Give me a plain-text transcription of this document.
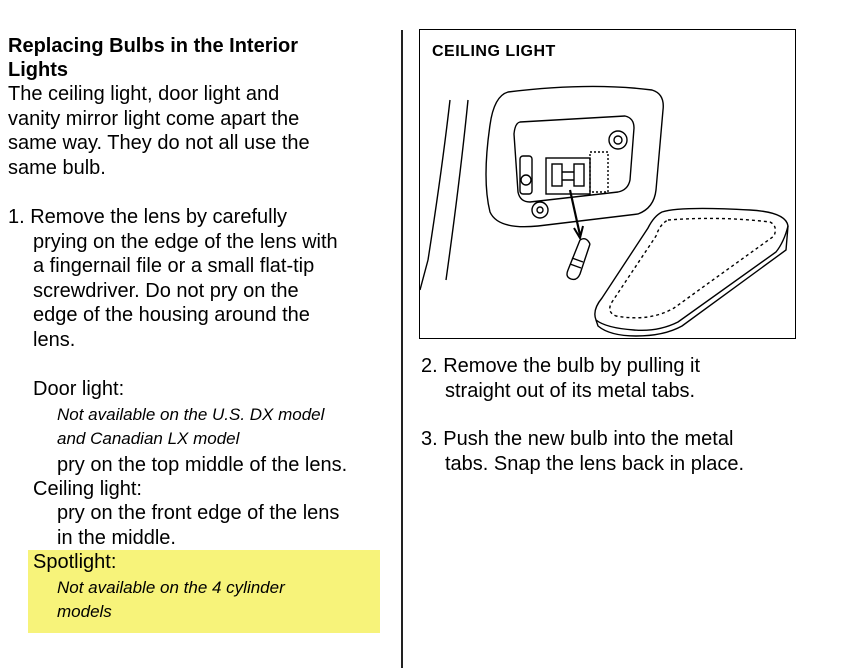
Replacing Bulbs in the Interior
Lights
The ceiling light, door light and
vanity mirror light come apart the
same way. They do not all use the
same bulb.
1. Remove the lens by carefully
prying on the edge of the lens with
a fingernail file or a small flat-tip
screwdriver. Do not pry on the
edge of the housing around the
lens.
Door light:
Not available on the U.S. DX model
and Canadian LX model
pry on the top middle of the lens.
Ceiling light:
pry on the front edge of the lens
in the middle.
Spotlight:
Not available on the 4 cylinder
models
CEILING LIGHT
2. Remove the bulb by pulling it
straight out of its metal tabs.
3. Push the new bulb into the metal
tabs. Snap the lens back in place.
